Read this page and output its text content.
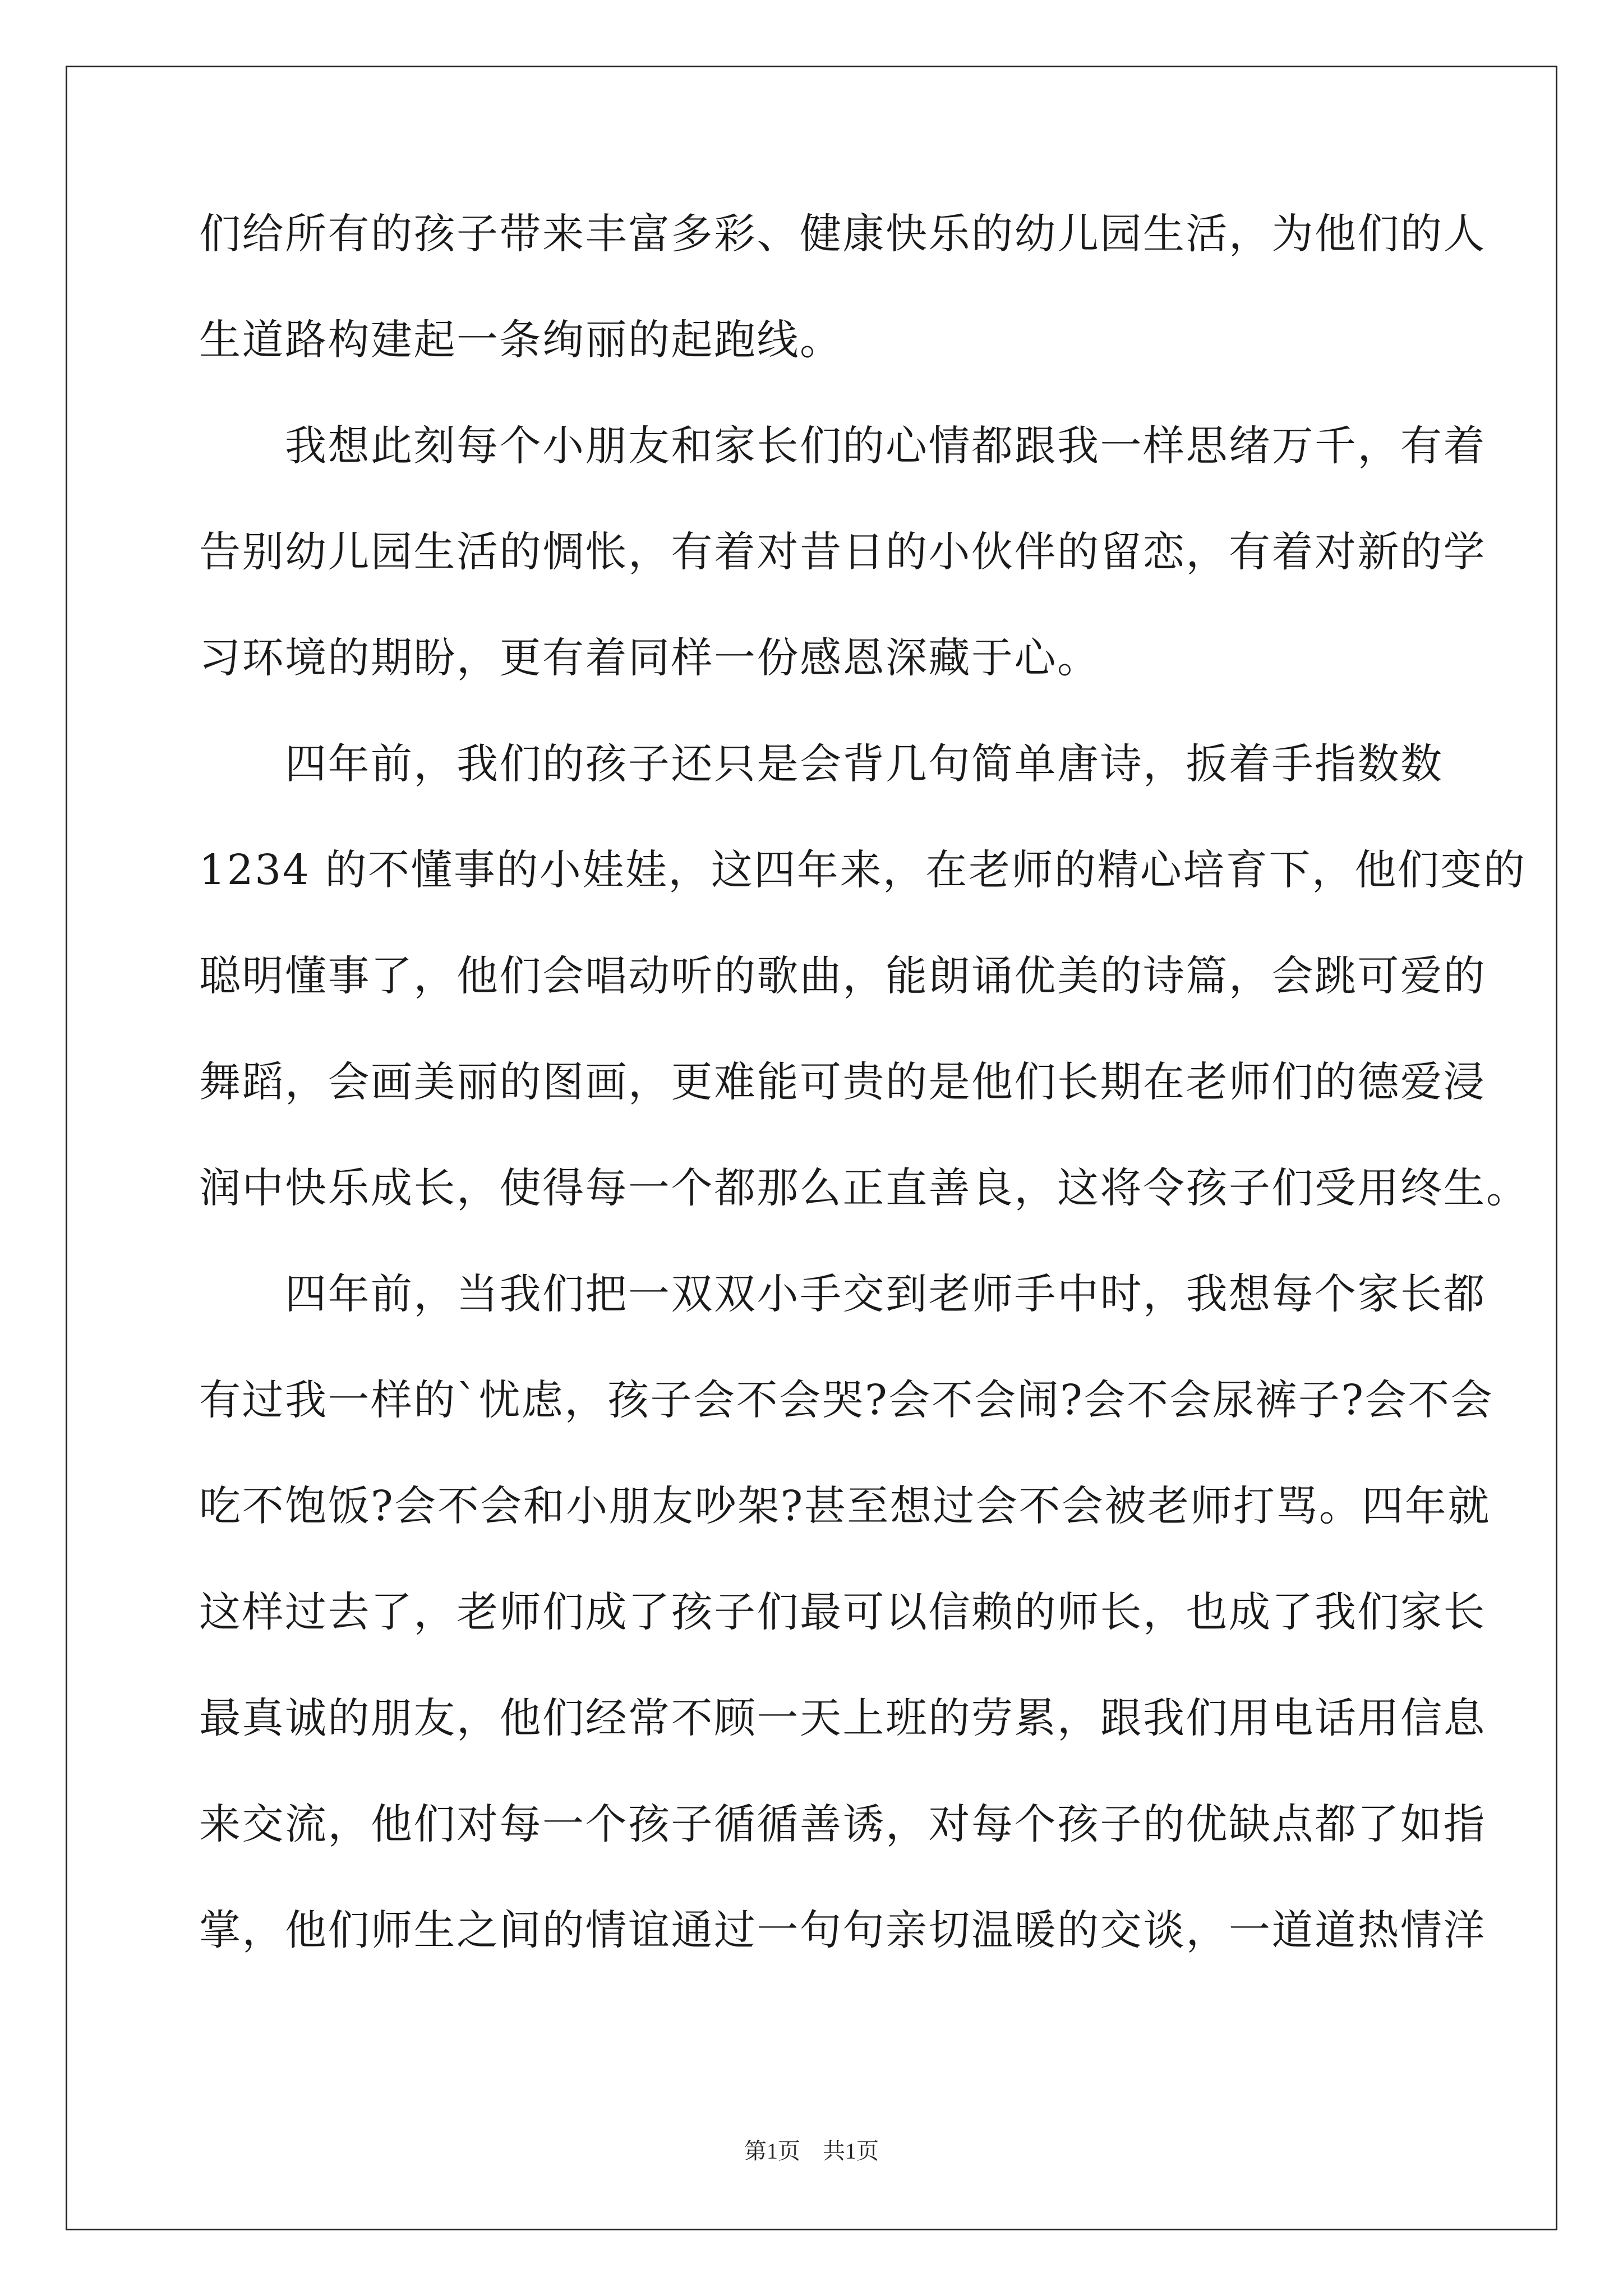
们给所有的孩子带来丰富多彩、健康快乐的幼儿园生活，为他们的人
生道路构建起一条绚丽的起跑线。
　　我想此刻每个小朋友和家长们的心情都跟我一样思绪万千，有着
告别幼儿园生活的惆怅，有着对昔日的小伙伴的留恋，有着对新的学
习环境的期盼，更有着同样一份感恩深藏于心。
　　四年前，我们的孩子还只是会背几句简单唐诗，扳着手指数数
1234 的不懂事的小娃娃，这四年来，在老师的精心培育下，他们变的
聪明懂事了，他们会唱动听的歌曲，能朗诵优美的诗篇，会跳可爱的
舞蹈，会画美丽的图画，更难能可贵的是他们长期在老师们的德爱浸
润中快乐成长，使得每一个都那么正直善良，这将令孩子们受用终生。
　　四年前，当我们把一双双小手交到老师手中时，我想每个家长都
有过我一样的`忧虑，孩子会不会哭?会不会闹?会不会尿裤子?会不会
吃不饱饭?会不会和小朋友吵架?甚至想过会不会被老师打骂。四年就
这样过去了，老师们成了孩子们最可以信赖的师长，也成了我们家长
最真诚的朋友，他们经常不顾一天上班的劳累，跟我们用电话用信息
来交流，他们对每一个孩子循循善诱，对每个孩子的优缺点都了如指
掌，他们师生之间的情谊通过一句句亲切温暖的交谈，一道道热情洋
第1页　共1页
